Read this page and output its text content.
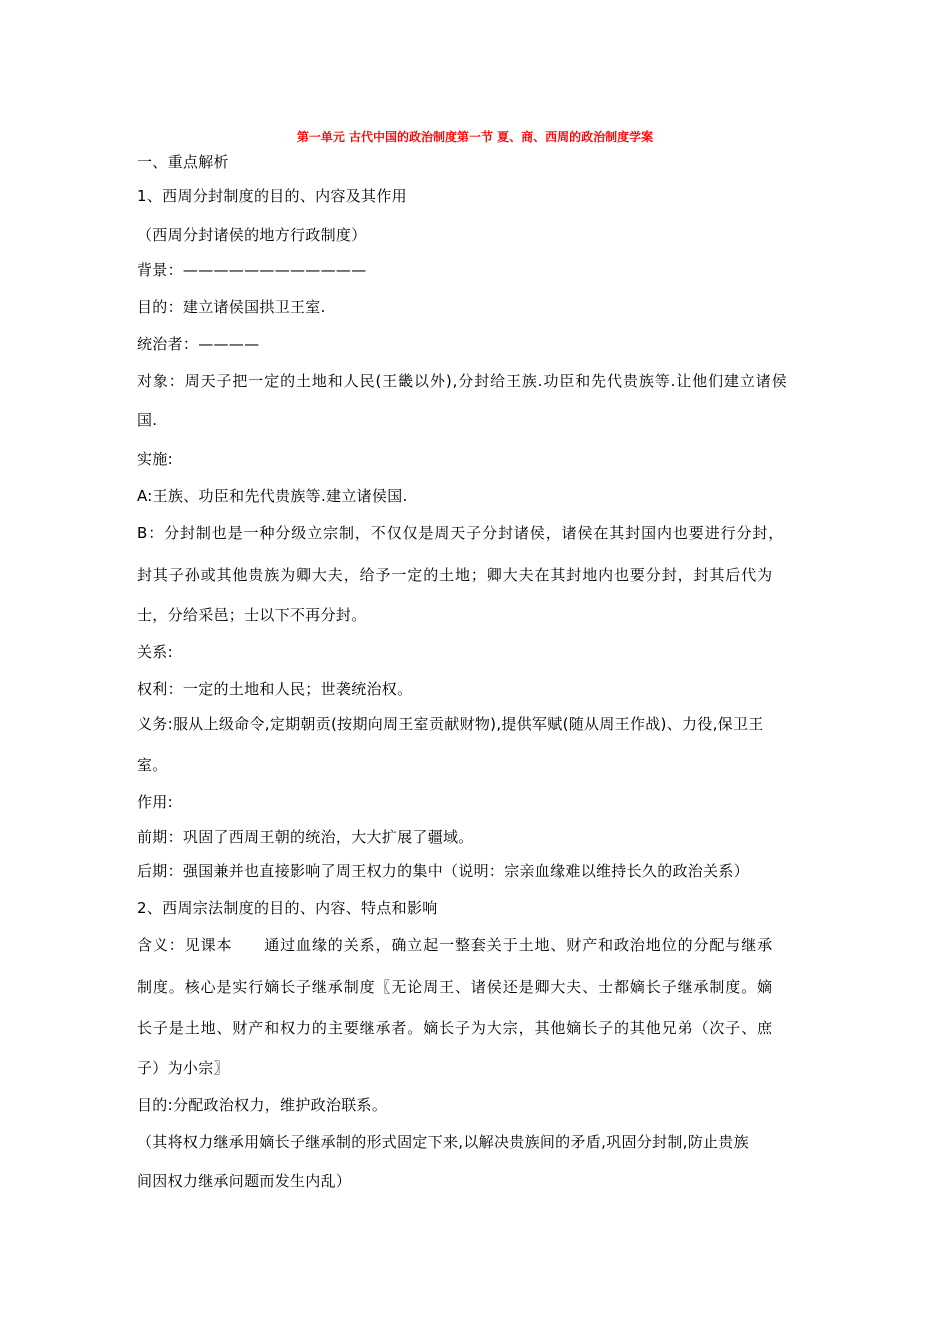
第一单元 古代中国的政治制度第一节 夏、商、西周的政治制度学案
一、重点解析
1、西周分封制度的目的、内容及其作用
（西周分封诸侯的地方行政制度）
背景：————————————
目的：建立诸侯国拱卫王室.
统治者：————
对象：周天子把一定的土地和人民(王畿以外),分封给王族.功臣和先代贵族等.让他们建立诸侯
国.
实施:
A:王族、功臣和先代贵族等.建立诸侯国.
B：分封制也是一种分级立宗制，不仅仅是周天子分封诸侯，诸侯在其封国内也要进行分封，
封其子孙或其他贵族为卿大夫，给予一定的土地；卿大夫在其封地内也要分封，封其后代为
士，分给采邑；士以下不再分封。
关系:
权利：一定的土地和人民；世袭统治权。
义务:服从上级命令,定期朝贡(按期向周王室贡献财物),提供军赋(随从周王作战)、力役,保卫王
室。
作用:
前期：巩固了西周王朝的统治，大大扩展了疆域。
后期：强国兼并也直接影响了周王权力的集中（说明：宗亲血缘难以维持长久的政治关系）
2、西周宗法制度的目的、内容、特点和影响
含义：见课本　　通过血缘的关系，确立起一整套关于土地、财产和政治地位的分配与继承
制度。核心是实行嫡长子继承制度〖无论周王、诸侯还是卿大夫、士都嫡长子继承制度。嫡
长子是土地、财产和权力的主要继承者。嫡长子为大宗，其他嫡长子的其他兄弟（次子、庶
子）为小宗〗
目的:分配政治权力，维护政治联系。
（其将权力继承用嫡长子继承制的形式固定下来,以解决贵族间的矛盾,巩固分封制,防止贵族
间因权力继承问题而发生内乱）
